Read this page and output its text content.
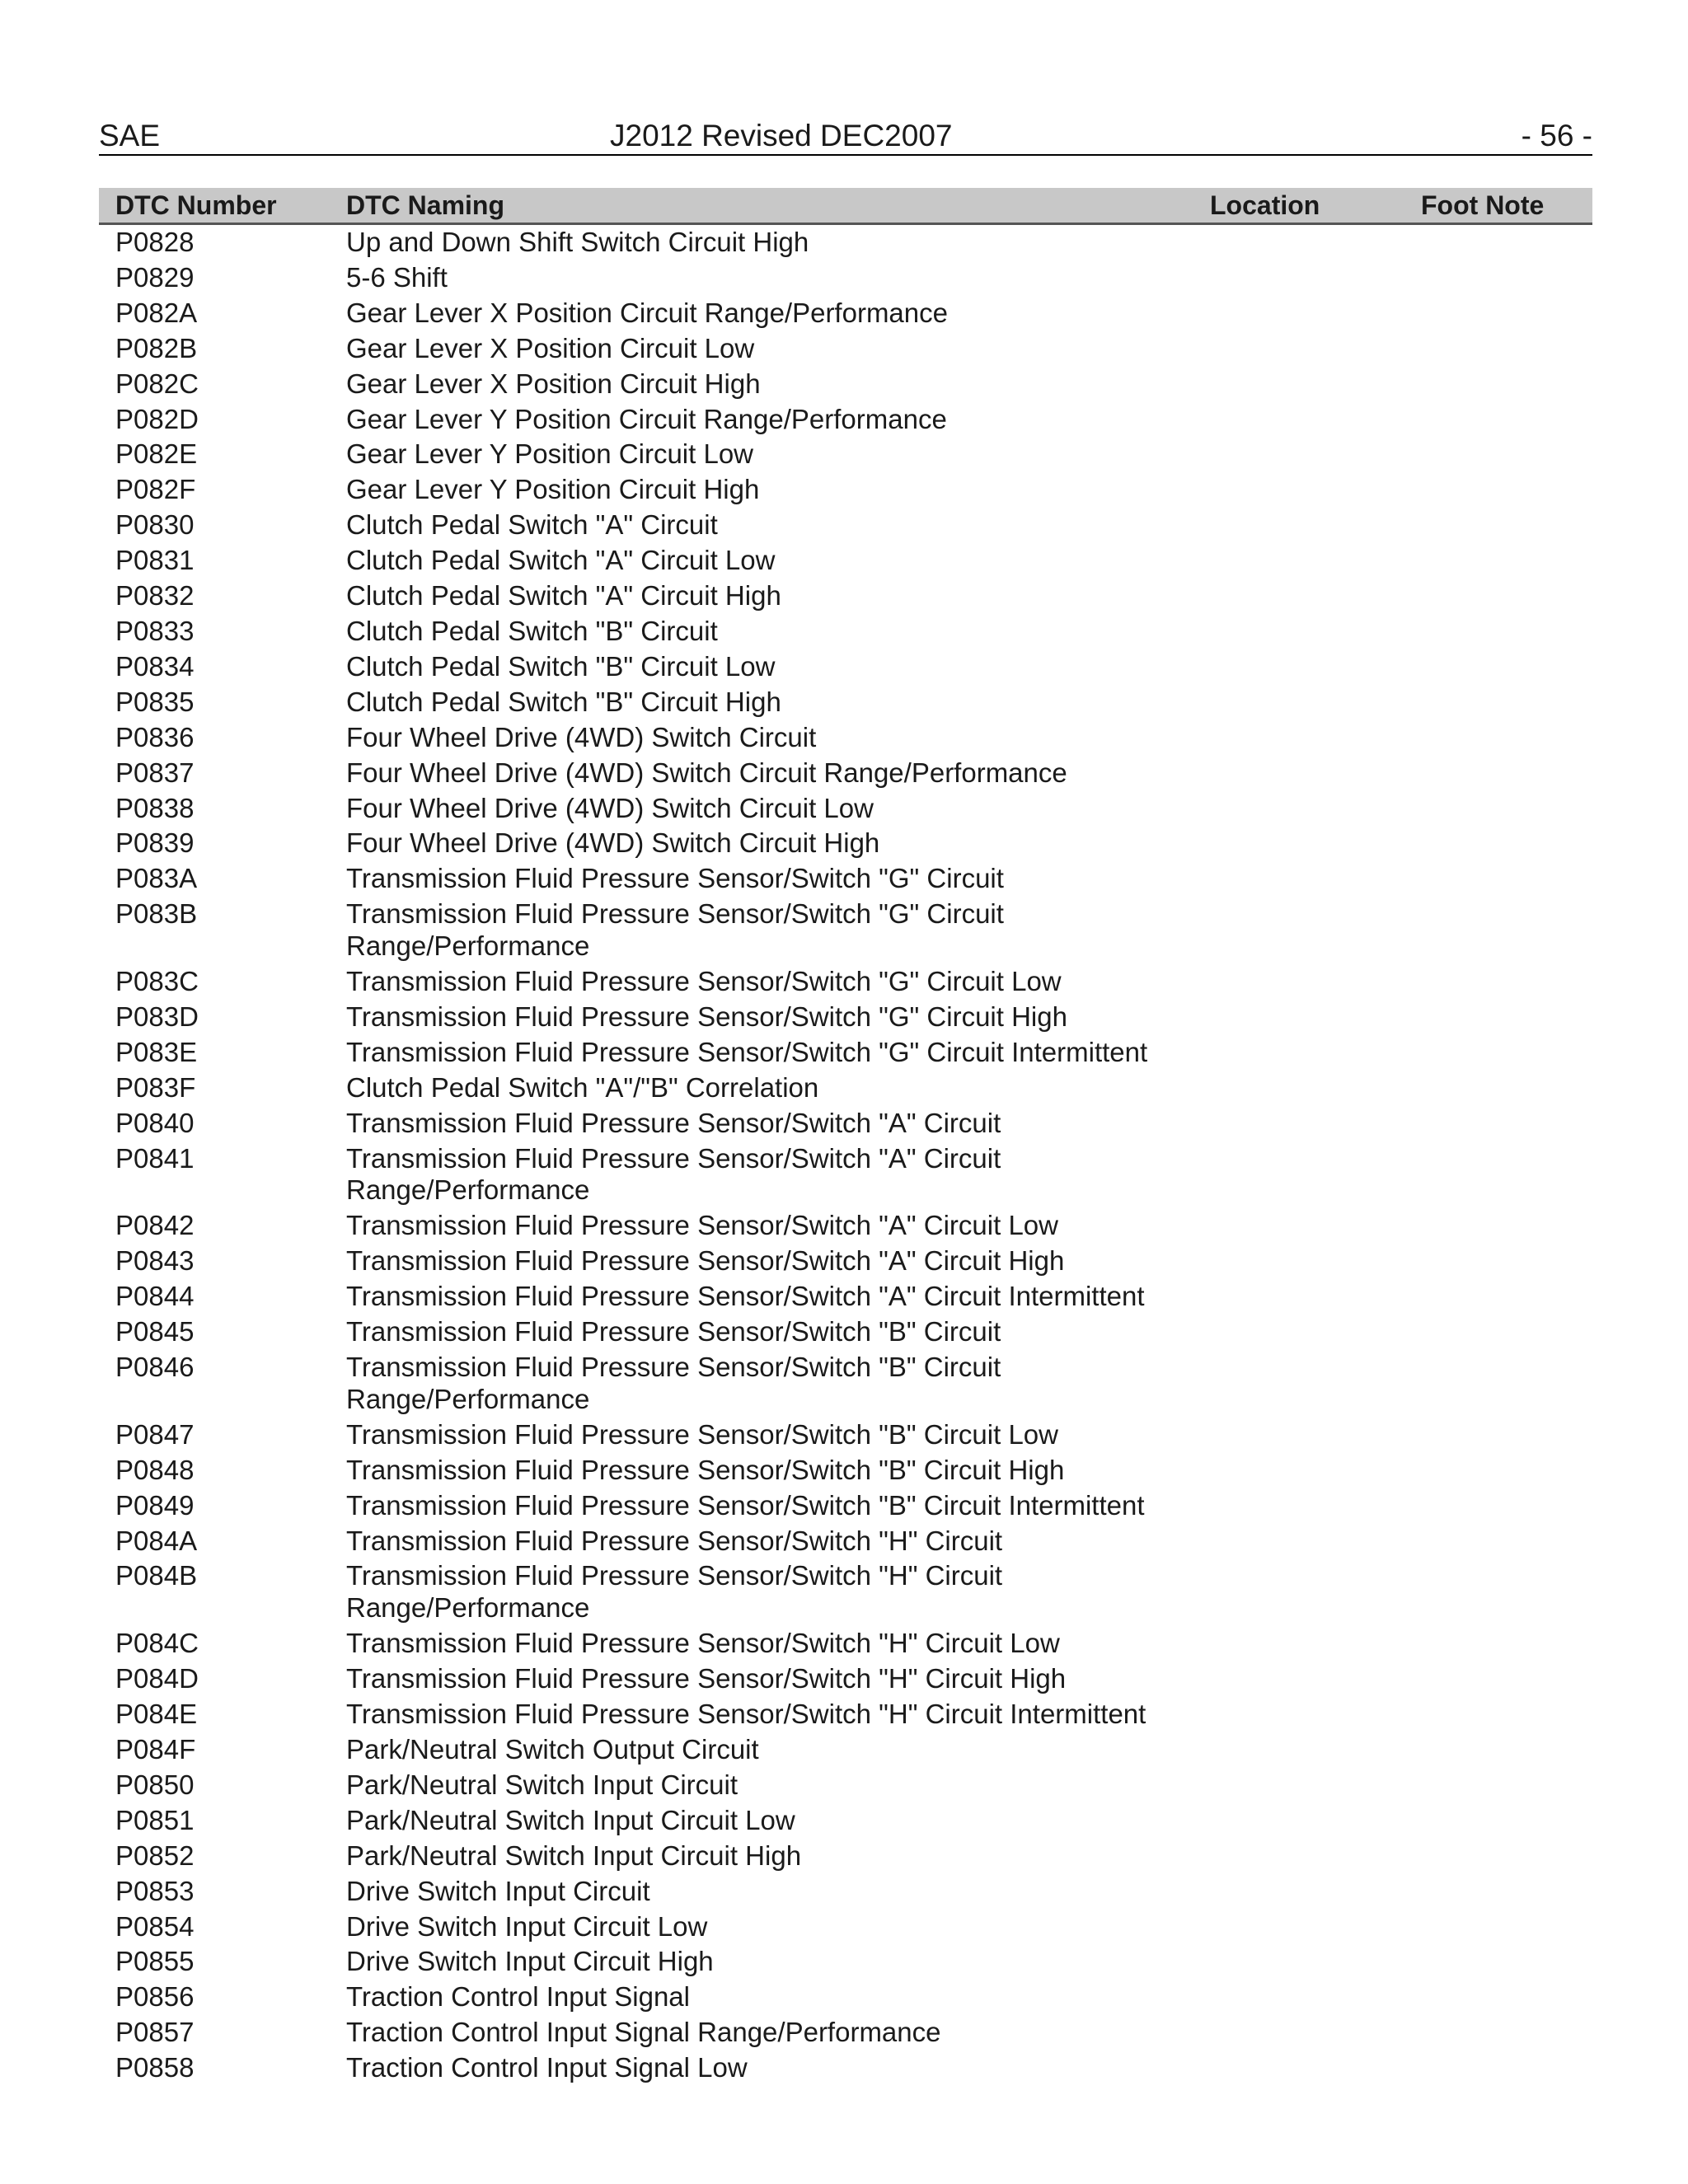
SAE	J2012 Revised DEC2007	- 56 -
DTC Number	DTC Naming	Location	Foot Note
P0828	Up and Down Shift Switch Circuit High
P0829	5-6 Shift
P082A	Gear Lever X Position Circuit Range/Performance
P082B	Gear Lever X Position Circuit Low
P082C	Gear Lever X Position Circuit High
P082D	Gear Lever Y Position Circuit Range/Performance
P082E	Gear Lever Y Position Circuit Low
P082F	Gear Lever Y Position Circuit High
P0830	Clutch Pedal Switch "A" Circuit
P0831	Clutch Pedal Switch "A" Circuit Low
P0832	Clutch Pedal Switch "A" Circuit High
P0833	Clutch Pedal Switch "B" Circuit
P0834	Clutch Pedal Switch "B" Circuit Low
P0835	Clutch Pedal Switch "B" Circuit High
P0836	Four Wheel Drive (4WD) Switch Circuit
P0837	Four Wheel Drive (4WD) Switch Circuit Range/Performance
P0838	Four Wheel Drive (4WD) Switch Circuit Low
P0839	Four Wheel Drive (4WD) Switch Circuit High
P083A	Transmission Fluid Pressure Sensor/Switch "G" Circuit
P083B	Transmission Fluid Pressure Sensor/Switch "G" Circuit Range/Performance
P083C	Transmission Fluid Pressure Sensor/Switch "G" Circuit Low
P083D	Transmission Fluid Pressure Sensor/Switch "G" Circuit High
P083E	Transmission Fluid Pressure Sensor/Switch "G" Circuit Intermittent
P083F	Clutch Pedal Switch "A"/"B" Correlation
P0840	Transmission Fluid Pressure Sensor/Switch "A" Circuit
P0841	Transmission Fluid Pressure Sensor/Switch "A" Circuit Range/Performance
P0842	Transmission Fluid Pressure Sensor/Switch "A" Circuit Low
P0843	Transmission Fluid Pressure Sensor/Switch "A" Circuit High
P0844	Transmission Fluid Pressure Sensor/Switch "A" Circuit Intermittent
P0845	Transmission Fluid Pressure Sensor/Switch "B" Circuit
P0846	Transmission Fluid Pressure Sensor/Switch "B" Circuit Range/Performance
P0847	Transmission Fluid Pressure Sensor/Switch "B" Circuit Low
P0848	Transmission Fluid Pressure Sensor/Switch "B" Circuit High
P0849	Transmission Fluid Pressure Sensor/Switch "B" Circuit Intermittent
P084A	Transmission Fluid Pressure Sensor/Switch "H" Circuit
P084B	Transmission Fluid Pressure Sensor/Switch "H" Circuit Range/Performance
P084C	Transmission Fluid Pressure Sensor/Switch "H" Circuit Low
P084D	Transmission Fluid Pressure Sensor/Switch "H" Circuit High
P084E	Transmission Fluid Pressure Sensor/Switch "H" Circuit Intermittent
P084F	Park/Neutral Switch Output Circuit
P0850	Park/Neutral Switch Input Circuit
P0851	Park/Neutral Switch Input Circuit Low
P0852	Park/Neutral Switch Input Circuit High
P0853	Drive Switch Input Circuit
P0854	Drive Switch Input Circuit Low
P0855	Drive Switch Input Circuit High
P0856	Traction Control Input Signal
P0857	Traction Control Input Signal Range/Performance
P0858	Traction Control Input Signal Low
